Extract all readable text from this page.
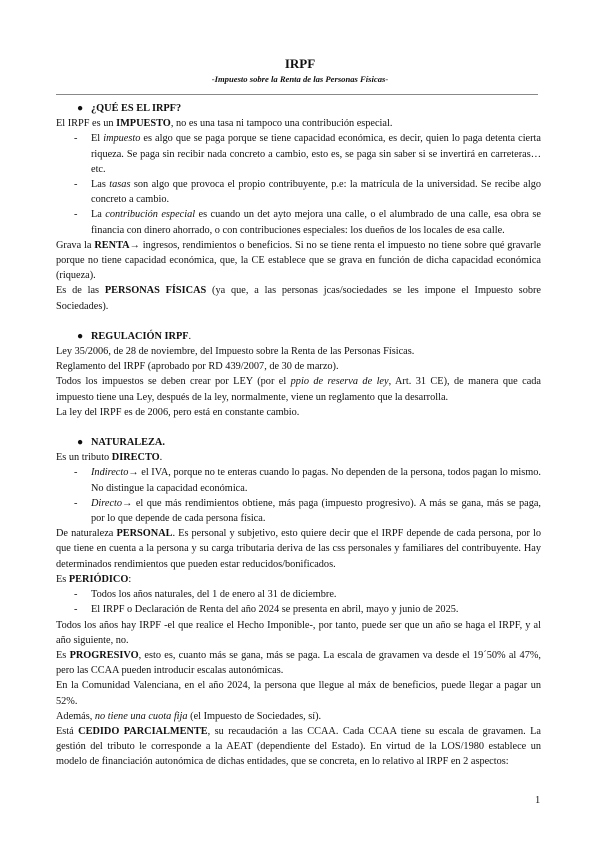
IRPF
-Impuesto sobre la Renta de las Personas Físicas-

● ¿QUÉ ES EL IRPF?

El IRPF es un IMPUESTO, no es una tasa ni tampoco una contribución especial.

- El impuesto es algo que se paga porque se tiene capacidad económica, es decir, quien lo paga detenta cierta riqueza. Se paga sin recibir nada concreto a cambio, esto es, se paga sin saber si se invertirá en carreteras… etc.

- Las tasas son algo que provoca el propio contribuyente, p.e: la matrícula de la universidad. Se recibe algo concreto a cambio.

- La contribución especial es cuando un det ayto mejora una calle, o el alumbrado de una calle, esa obra se financia con dinero ahorrado, o con contribuciones especiales: los dueños de los locales de esa calle.

Grava la RENTA→ ingresos, rendimientos o beneficios. Si no se tiene renta el impuesto no tiene sobre qué gravarle porque no tiene capacidad económica, que, la CE establece que se grava en función de dicha capacidad económica (riqueza).

Es de las PERSONAS FÍSICAS (ya que, a las personas jcas/sociedades se les impone el Impuesto sobre Sociedades).

● REGULACIÓN IRPF.

Ley 35/2006, de 28 de noviembre, del Impuesto sobre la Renta de las Personas Físicas.

Reglamento del IRPF (aprobado por RD 439/2007, de 30 de marzo).

Todos los impuestos se deben crear por LEY (por el ppio de reserva de ley, Art. 31 CE), de manera que cada impuesto tiene una Ley, después de la ley, normalmente, viene un reglamento que la desarrolla.

La ley del IRPF es de 2006, pero está en constante cambio.

● NATURALEZA.

Es un tributo DIRECTO.

- Indirecto→ el IVA, porque no te enteras cuando lo pagas. No dependen de la persona, todos pagan lo mismo. No distingue la capacidad económica.

- Directo→ el que más rendimientos obtiene, más paga (impuesto progresivo). A más se gana, más se paga, por lo que depende de cada persona física.

De naturaleza PERSONAL. Es personal y subjetivo, esto quiere decir que el IRPF depende de cada persona, por lo que tiene en cuenta a la persona y su carga tributaria deriva de las css personales y familiares del contribuyente. Hay determinados rendimientos que pueden estar reducidos/bonificados.

Es PERIÓDICO:

- Todos los años naturales, del 1 de enero al 31 de diciembre.

- El IRPF o Declaración de Renta del año 2024 se presenta en abril, mayo y junio de 2025.

Todos los años hay IRPF -el que realice el Hecho Imponible-, por tanto, puede ser que un año se haga el IRPF, y al año siguiente, no.

Es PROGRESIVO, esto es, cuanto más se gana, más se paga. La escala de gravamen va desde el 19´50% al 47%, pero las CCAA pueden introducir escalas autonómicas.

En la Comunidad Valenciana, en el año 2024, la persona que llegue al máx de beneficios, puede llegar a pagar un 52%.

Además, no tiene una cuota fija (el Impuesto de Sociedades, sí).

Está CEDIDO PARCIALMENTE, su recaudación a las CCAA. Cada CCAA tiene su escala de gravamen. La gestión del tributo le corresponde a la AEAT (dependiente del Estado). En virtud de la LOS/1980 establece un modelo de financiación autonómica de dichas entidades, que se concreta, en lo relativo al IRPF en 2 aspectos:

1
